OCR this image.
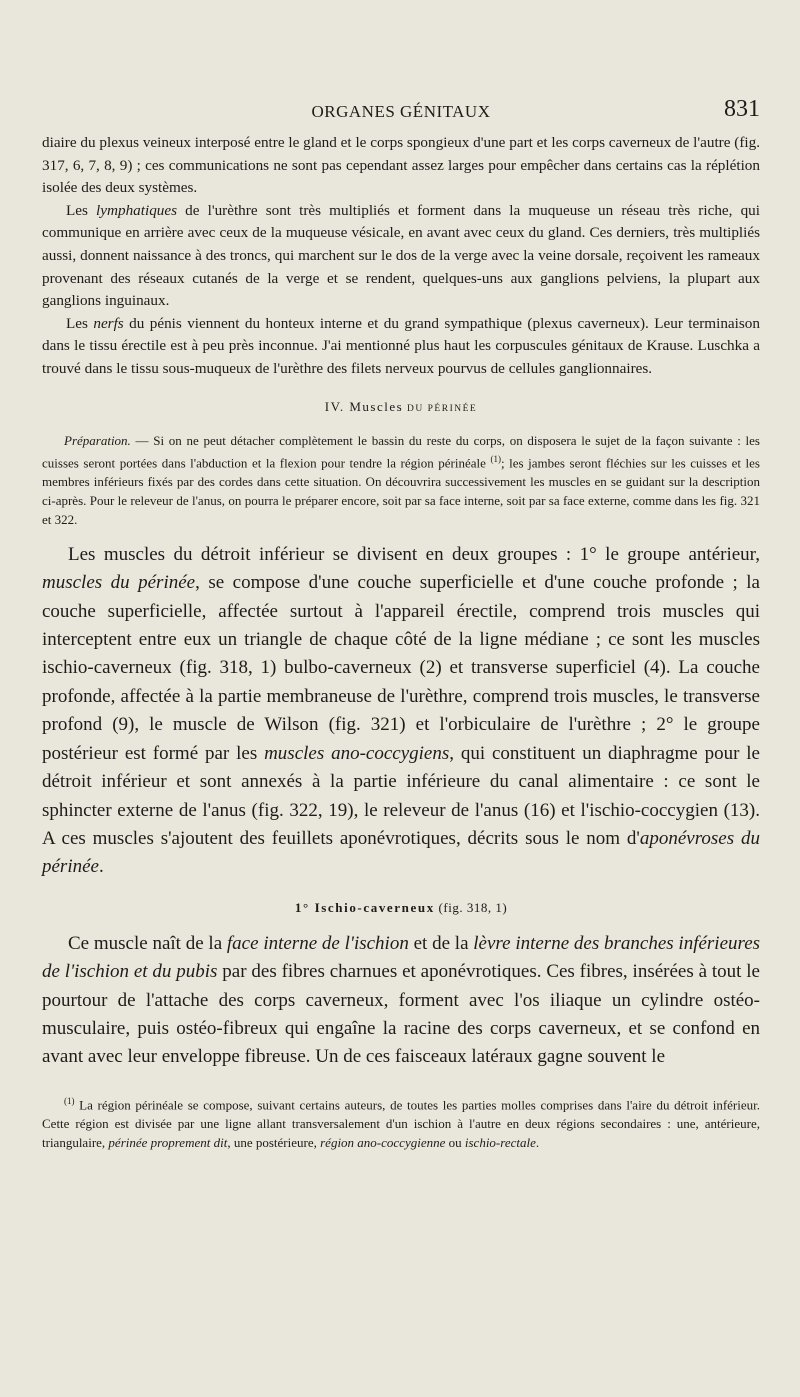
ORGANES GÉNITAUX	831

diaire du plexus veineux interposé entre le gland et le corps spongieux d'une part et les corps caverneux de l'autre (fig. 317, 6, 7, 8, 9) ; ces communications ne sont pas cependant assez larges pour empêcher dans certains cas la réplétion isolée des deux systèmes.

Les lymphatiques de l'urèthre sont très multipliés et forment dans la muqueuse un réseau très riche, qui communique en arrière avec ceux de la muqueuse vésicale, en avant avec ceux du gland. Ces derniers, très multipliés aussi, donnent naissance à des troncs, qui marchent sur le dos de la verge avec la veine dorsale, reçoivent les rameaux provenant des réseaux cutanés de la verge et se rendent, quelques-uns aux ganglions pelviens, la plupart aux ganglions inguinaux.

Les nerfs du pénis viennent du honteux interne et du grand sympathique (plexus caverneux). Leur terminaison dans le tissu érectile est à peu près inconnue. J'ai mentionné plus haut les corpuscules génitaux de Krause. Luschka a trouvé dans le tissu sous-muqueux de l'urèthre des filets nerveux pourvus de cellules ganglionnaires.

IV. Muscles DU PÉRINÉE

Préparation. — Si on ne peut détacher complètement le bassin du reste du corps, on disposera le sujet de la façon suivante : les cuisses seront portées dans l'abduction et la flexion pour tendre la région périnéale $^{(1)}$; les jambes seront fléchies sur les cuisses et les membres inférieurs fixés par des cordes dans cette situation. On découvrira successivement les muscles en se guidant sur la description ci-après. Pour le releveur de l'anus, on pourra le préparer encore, soit par sa face interne, soit par sa face externe, comme dans les fig. 321 et 322.

Les muscles du détroit inférieur se divisent en deux groupes : 1° le groupe antérieur, muscles du périnée, se compose d'une couche superficielle et d'une couche profonde ; la couche superficielle, affectée surtout à l'appareil érectile, comprend trois muscles qui interceptent entre eux un triangle de chaque côté de la ligne médiane ; ce sont les muscles ischio-caverneux (fig. 318, 1) bulbo-caverneux (2) et transverse superficiel (4). La couche profonde, affectée à la partie membraneuse de l'urèthre, comprend trois muscles, le transverse profond (9), le muscle de Wilson (fig. 321) et l'orbiculaire de l'urèthre ; 2° le groupe postérieur est formé par les muscles ano-coccygiens, qui constituent un diaphragme pour le détroit inférieur et sont annexés à la partie inférieure du canal alimentaire : ce sont le sphincter externe de l'anus (fig. 322, 19), le releveur de l'anus (16) et l'ischio-coccygien (13). A ces muscles s'ajoutent des feuillets aponévrotiques, décrits sous le nom d'aponévroses du périnée.

1° Ischio-caverneux (fig. 318, 1)

Ce muscle naît de la face interne de l'ischion et de la lèvre interne des branches inférieures de l'ischion et du pubis par des fibres charnues et aponévrotiques. Ces fibres, insérées à tout le pourtour de l'attache des corps caverneux, forment avec l'os iliaque un cylindre ostéo-musculaire, puis ostéo-fibreux qui engaîne la racine des corps caverneux, et se confond en avant avec leur enveloppe fibreuse. Un de ces faisceaux latéraux gagne souvent le

$^{(1)}$ La région périnéale se compose, suivant certains auteurs, de toutes les parties molles comprises dans l'aire du détroit inférieur. Cette région est divisée par une ligne allant transversalement d'un ischion à l'autre en deux régions secondaires : une, antérieure, triangulaire, périnée proprement dit, une postérieure, région ano-coccygienne ou ischio-rectale.
